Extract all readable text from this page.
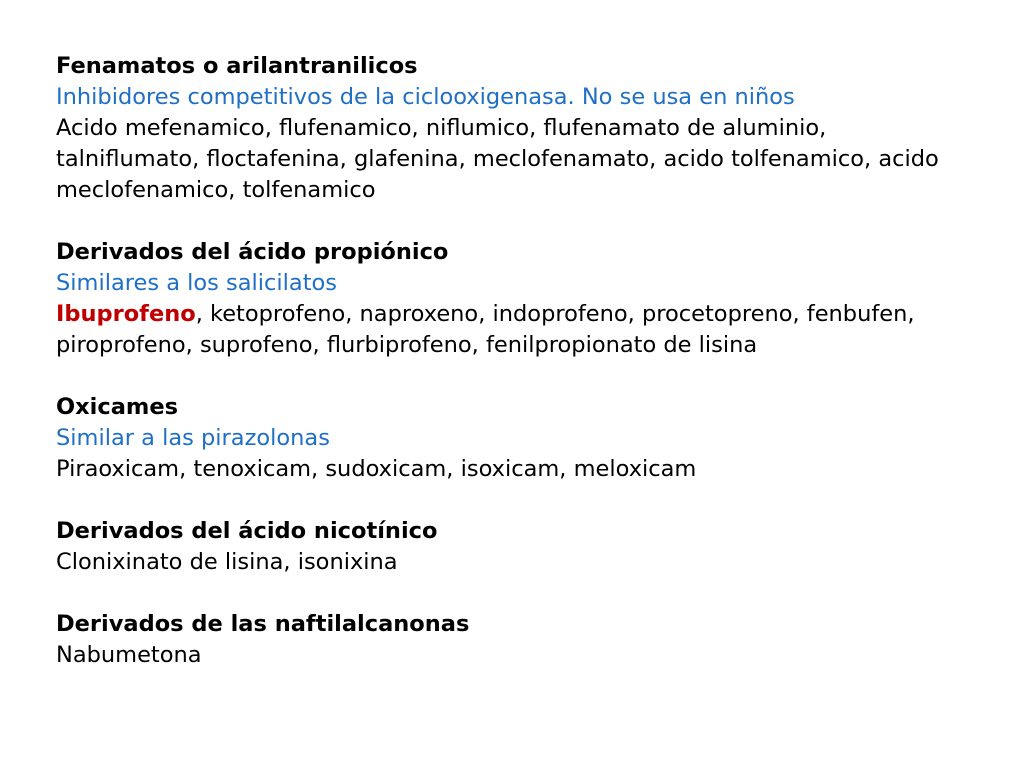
Fenamatos o arilantranilicos
Inhibidores competitivos de la ciclooxigenasa. No se usa en niños
Acido mefenamico, flufenamico, niflumico, flufenamato de aluminio, talniflumato, floctafenina, glafenina, meclofenamato, acido tolfenamico, acido meclofenamico, tolfenamico
Derivados del ácido propiónico
Similares a los salicilatos
Ibuprofeno, ketoprofeno, naproxeno, indoprofeno, procetopreno, fenbufen, piroprofeno, suprofeno, flurbiprofeno, fenilpropionato de lisina
Oxicames
Similar a las pirazolonas
Piraoxicam, tenoxicam, sudoxicam, isoxicam, meloxicam
Derivados del ácido nicotínico
Clonixinato de lisina, isonixina
Derivados de las naftilalcanonas
Nabumetona
